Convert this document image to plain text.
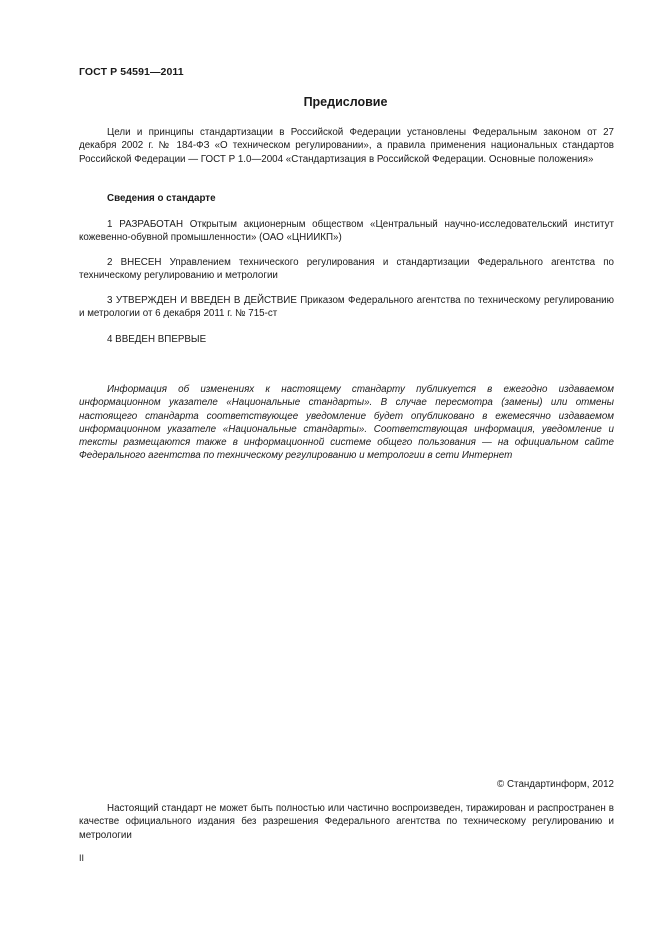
ГОСТ Р 54591—2011
Предисловие
Цели и принципы стандартизации в Российской Федерации установлены Федеральным законом от 27 декабря 2002 г. № 184-ФЗ «О техническом регулировании», а правила применения национальных стандартов Российской Федерации — ГОСТ Р 1.0—2004 «Стандартизация в Российской Федерации. Основные положения»
Сведения о стандарте
1 РАЗРАБОТАН Открытым акционерным обществом «Центральный научно-исследовательский институт кожевенно-обувной промышленности» (ОАО «ЦНИИКП»)
2 ВНЕСЕН Управлением технического регулирования и стандартизации Федерального агентства по техническому регулированию и метрологии
3 УТВЕРЖДЕН И ВВЕДЕН В ДЕЙСТВИЕ Приказом Федерального агентства по техническому регулированию и метрологии от 6 декабря 2011 г. № 715-ст
4 ВВЕДЕН ВПЕРВЫЕ
Информация об изменениях к настоящему стандарту публикуется в ежегодно издаваемом информационном указателе «Национальные стандарты». В случае пересмотра (замены) или отмены настоящего стандарта соответствующее уведомление будет опубликовано в ежемесячно издаваемом информационном указателе «Национальные стандарты». Соответствующая информация, уведомление и тексты размещаются также в информационной системе общего пользования — на официальном сайте Федерального агентства по техническому регулированию и метрологии в сети Интернет
© Стандартинформ, 2012
Настоящий стандарт не может быть полностью или частично воспроизведен, тиражирован и распространен в качестве официального издания без разрешения Федерального агентства по техническому регулированию и метрологии
II
